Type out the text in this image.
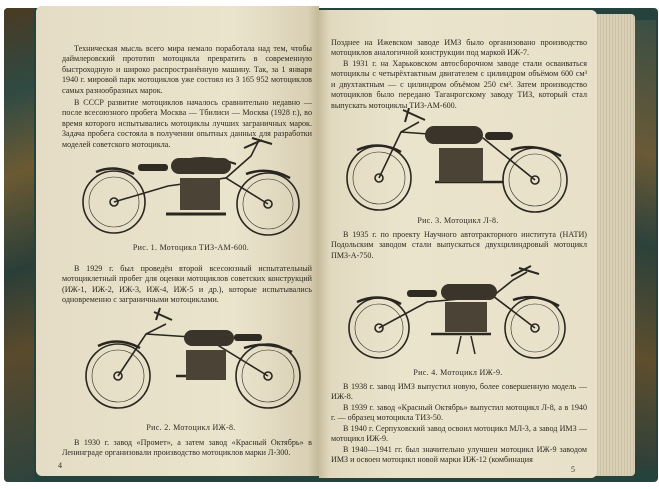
Техническая мысль всего мира немало поработала над тем, чтобы даймлеровский прототип мотоцикла превратить в современную быстроходную и широко распространённую машину. Так, за 1 января 1940 г. мировой парк мотоциклов уже состоял из 3 165 952 мотоциклов самых разнообразных марок.

В СССР развитие мотоциклов началось сравнительно недавно — после всесоюзного пробега Москва — Тбилиси — Москва (1928 г.), во время которого испытывались мотоциклы лучших заграничных марок. Задача пробега состояла в получении опытных данных для разработки моделей советского мотоцикла.

Рис. 1. Мотоцикл ТИЗ-АМ-600.

В 1929 г. был проведён второй всесоюзный испытательный мотоциклетный пробег для оценки мотоциклов советских конструкций (ИЖ-1, ИЖ-2, ИЖ-3, ИЖ-4, ИЖ-5 и др.), которые испытывались одновременно с заграничными мотоциклами.

Рис. 2. Мотоцикл ИЖ-8.

В 1930 г. завод «Промет», а затем завод «Красный Октябрь» в Ленинграде организовали производство мотоциклов марки Л-300.

4

Позднее на Ижевском заводе ИМЗ было организовано производство мотоциклов аналогичной конструкции под маркой ИЖ-7.

В 1931 г. на Харьковском автосборочном заводе стали осваиваться мотоциклы с четырёхтактным двигателем с цилиндром объёмом 600 см³ и двухтактным — с цилиндром объёмом 250 см³. Затем производство мотоциклов было передано Таганрогскому заводу ТИЗ, который стал выпускать мотоциклы ТИЗ-АМ-600.

Рис. 3. Мотоцикл Л-8.

В 1935 г. по проекту Научного автотракторного института (НАТИ) Подольским заводом стали выпускаться двухцилиндровый мотоцикл ПМЗ-А-750.

Рис. 4. Мотоцикл ИЖ-9.

В 1938 г. завод ИМЗ выпустил новую, более совершенную модель — ИЖ-8.

В 1939 г. завод «Красный Октябрь» выпустил мотоцикл Л-8, а в 1940 г. — образец мотоцикла ТИЗ-50.

В 1940 г. Серпуховский завод освоил мотоцикл МЛ-3, а завод ИМЗ — мотоцикл ИЖ-9.

В 1940—1941 гг. был значительно улучшен мотоцикл ИЖ-9 заводом ИМЗ и освоен мотоцикл новой марки ИЖ-12 (комбинация

5
